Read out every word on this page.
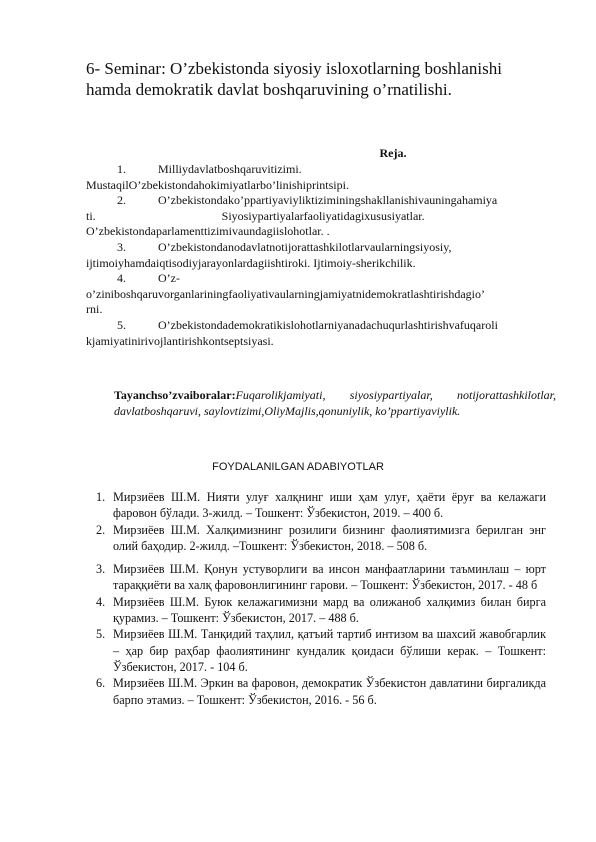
6- Seminar: O’zbekistonda siyosiy isloxotlarning boshlanishi hamda demokratik davlat boshqaruvining o’rnatilishi.
Reja.

1.	Milliydavlatboshqaruvitizimi.
MustaqilO’zbekistondahokimiyatlarbo’linishiprintsipi.

2.	O’zbekistondako’ppartiyaviyliktiziminingshakllanishivauningahamiya
ti.                                          Siyosiypartiyalarfaoliyatidagixususiyatlar.
O’zbekistondaparlamenttizimivaundagiislohotlar. .

3.	O’zbekistondanodavlatnotijorattashkilotlarvaularningsiyosiy,
ijtimoiyhamdaiqtisodiyjarayonlardagiishtiroki. Ijtimoiy-sherikchilik.

4.	O’z-
o’ziniboshqaruvorganlariningfaoliyativaularningjamiyatnidemokratlashtirishdagio’
rni.

5.	O’zbekistondademokratikislohotlarniyanadachuqurlashtirishvafuqaroli
kjamiyatinirivojlantirishkontseptsiyasi.

Tayanchso’zvaiboralar:Fuqarolikjamiyati, siyosiypartiyalar, notijorattashkilotlar, davlatboshqaruvi, saylovtizimi,OliyMajlis,qonuniylik, ko’ppartiyaviylik.
FOYDALANILGAN ADABIYOTLAR
1. Мирзиёев Ш.М. Нияти улуғ халқнинг иши ҳам улуғ, ҳаёти ёруғ ва келажаги фаровон бўлади. 3-жилд. – Тошкент: Ўзбекистон, 2019. – 400 б.
2. Мирзиёев Ш.М. Халқимизнинг розилиги бизнинг фаолиятимизга берилган энг олий баҳодир. 2-жилд. –Тошкент: Ўзбекистон, 2018. – 508 б.
3. Мирзиёев Ш.М. Қонун устуворлиги ва инсон манфаатларини таъминлаш – юрт тараққиёти ва халқ фаровонлигининг гарови. – Тошкент: Ўзбекистон, 2017. - 48 б
4. Мирзиёев Ш.М. Буюк келажагимизни мард ва олижаноб халқимиз билан бирга қурамиз. – Тошкент: Ўзбекистон, 2017. – 488 б.
5. Мирзиёев Ш.М. Танқидий таҳлил, қатъий тартиб интизом ва шахсий жавобгарлик – ҳар бир раҳбар фаолиятининг кундалик қоидаси бўлиши керак. – Тошкент: Ўзбекистон, 2017. - 104 б.
6. Мирзиёев Ш.М. Эркин ва фаровон, демократик Ўзбекистон давлатини биргаликда барпо этамиз. – Тошкент: Ўзбекистон, 2016. - 56 б.
